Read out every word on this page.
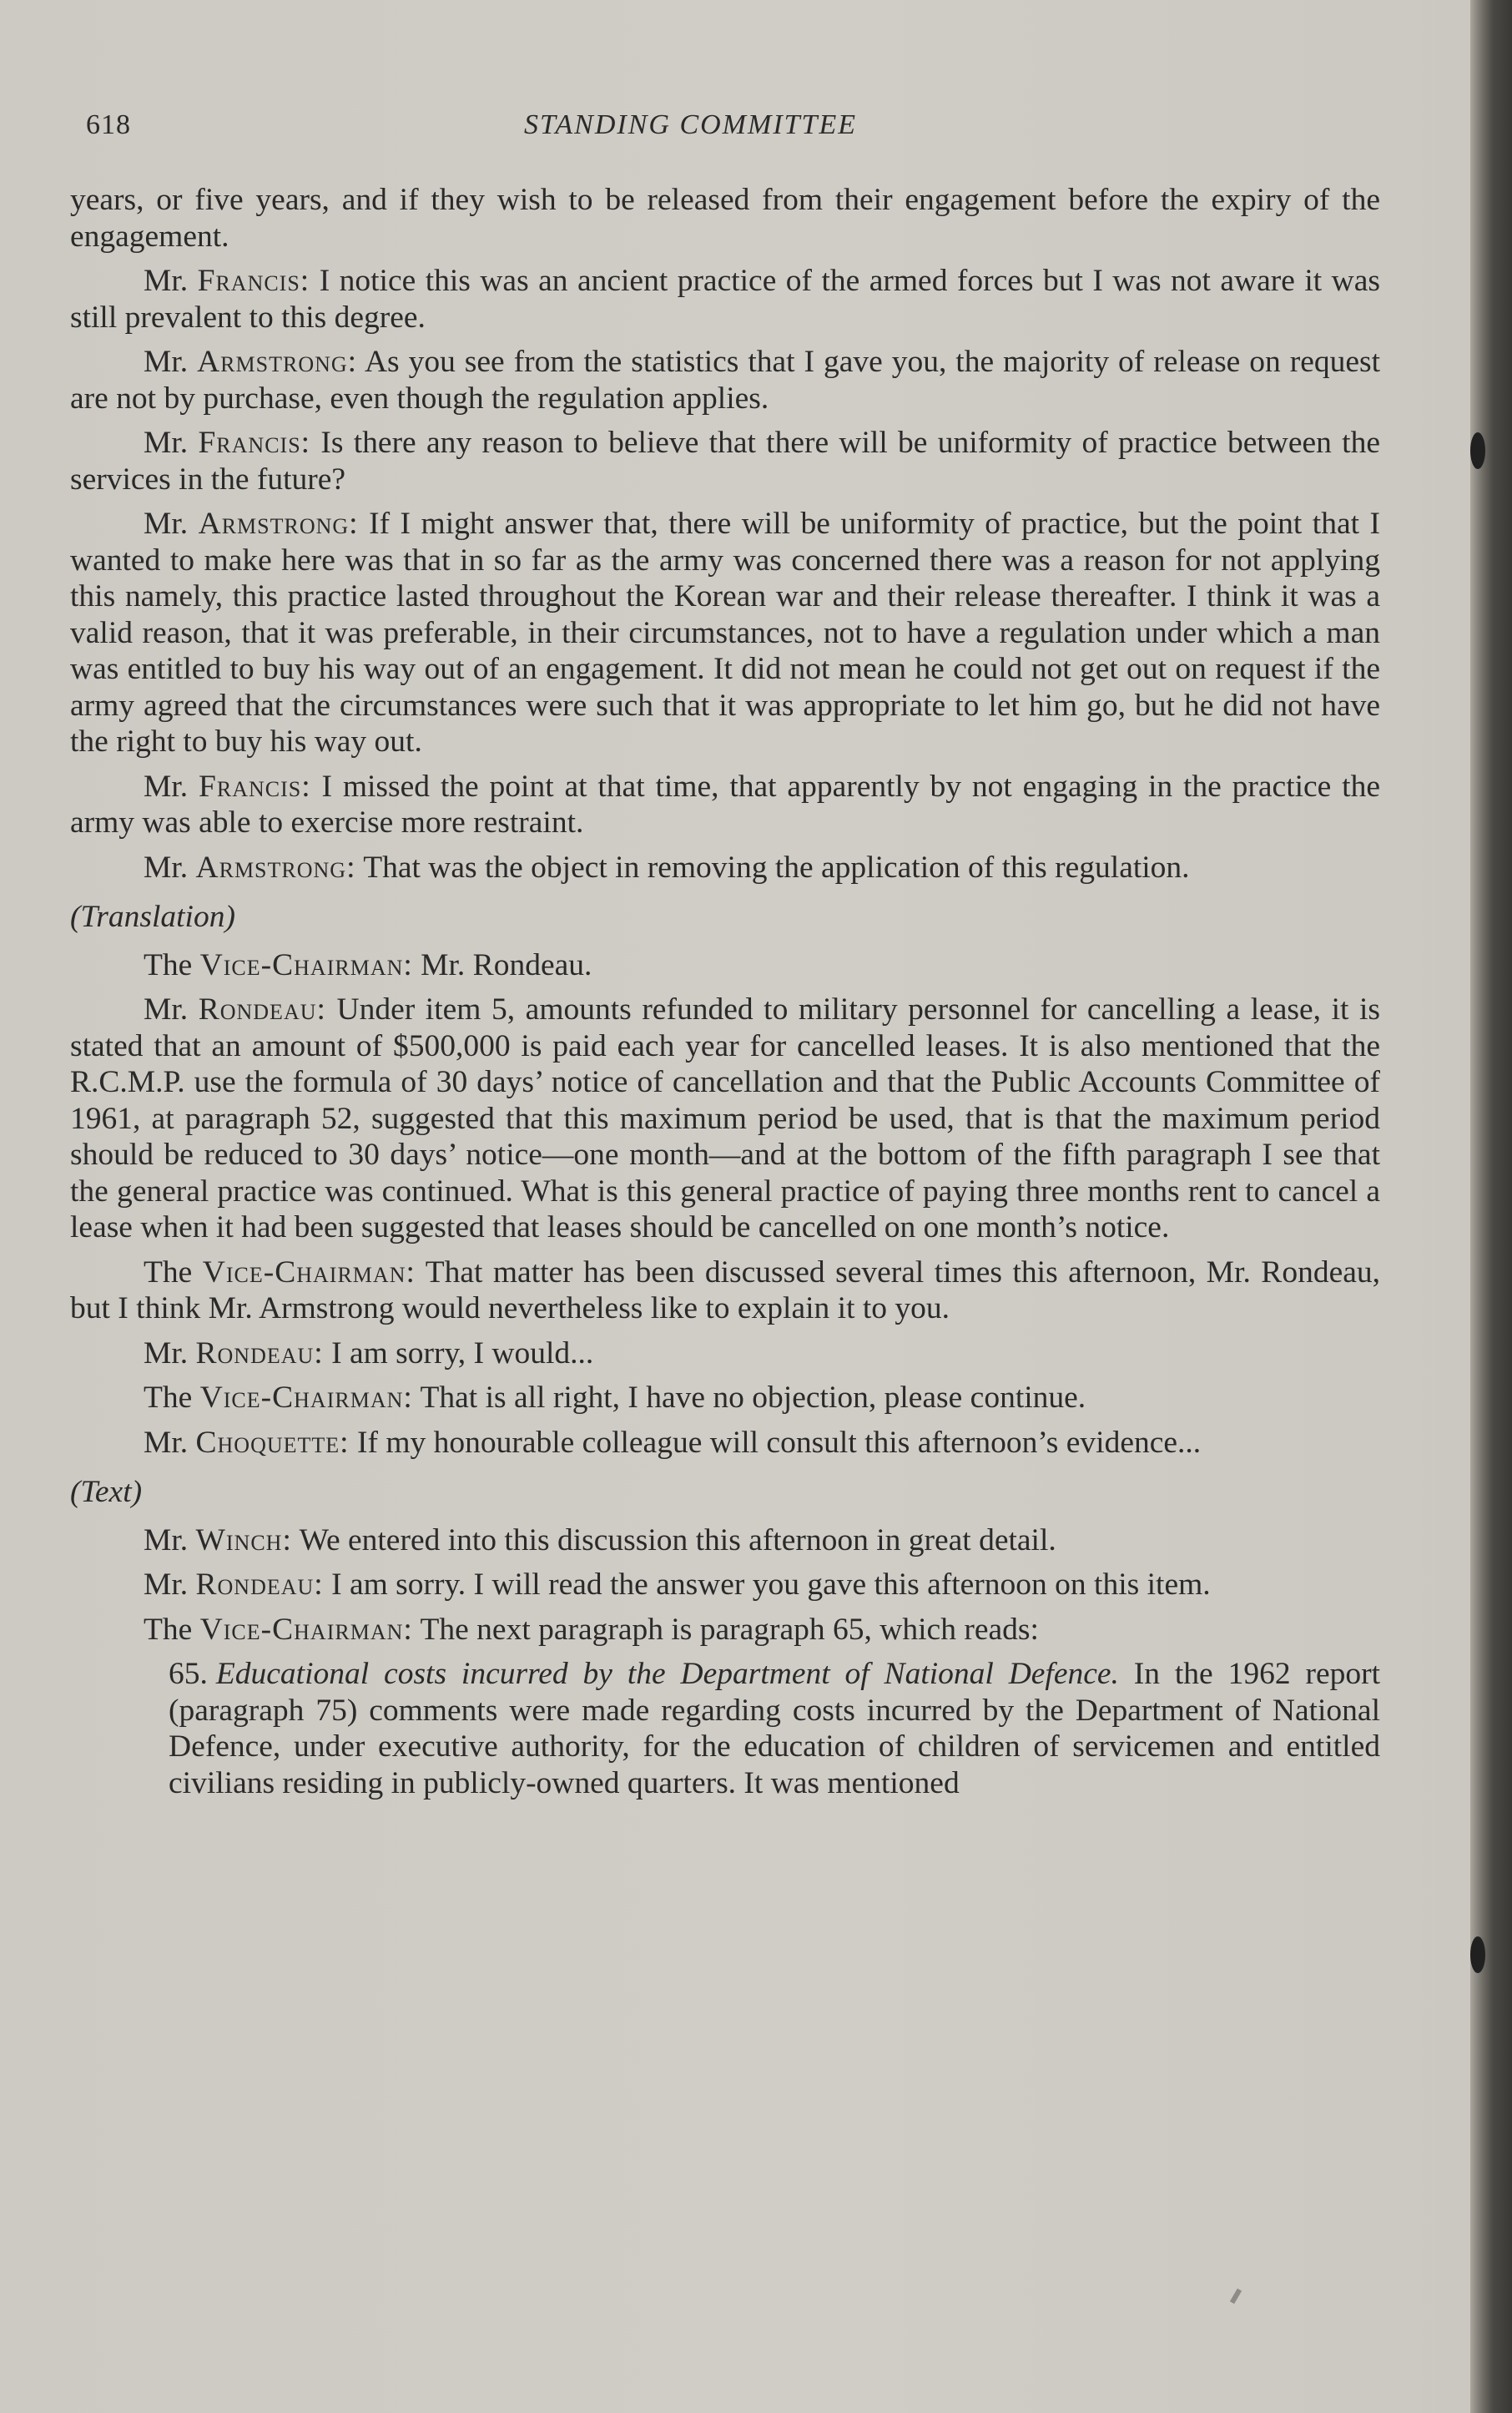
618	STANDING COMMITTEE

years, or five years, and if they wish to be released from their engagement before the expiry of the engagement.

Mr. Francis: I notice this was an ancient practice of the armed forces but I was not aware it was still prevalent to this degree.

Mr. Armstrong: As you see from the statistics that I gave you, the majority of release on request are not by purchase, even though the regulation applies.

Mr. Francis: Is there any reason to believe that there will be uniformity of practice between the services in the future?

Mr. Armstrong: If I might answer that, there will be uniformity of practice, but the point that I wanted to make here was that in so far as the army was concerned there was a reason for not applying this namely, this practice lasted throughout the Korean war and their release thereafter. I think it was a valid reason, that it was preferable, in their circumstances, not to have a regulation under which a man was entitled to buy his way out of an engagement. It did not mean he could not get out on request if the army agreed that the circumstances were such that it was appropriate to let him go, but he did not have the right to buy his way out.

Mr. Francis: I missed the point at that time, that apparently by not engaging in the practice the army was able to exercise more restraint.

Mr. Armstrong: That was the object in removing the application of this regulation.

(Translation)

The Vice-Chairman: Mr. Rondeau.

Mr. Rondeau: Under item 5, amounts refunded to military personnel for cancelling a lease, it is stated that an amount of $500,000 is paid each year for cancelled leases. It is also mentioned that the R.C.M.P. use the formula of 30 days’ notice of cancellation and that the Public Accounts Committee of 1961, at paragraph 52, suggested that this maximum period be used, that is that the maximum period should be reduced to 30 days’ notice—one month—and at the bottom of the fifth paragraph I see that the general practice was continued. What is this general practice of paying three months rent to cancel a lease when it had been suggested that leases should be cancelled on one month’s notice.

The Vice-Chairman: That matter has been discussed several times this afternoon, Mr. Rondeau, but I think Mr. Armstrong would nevertheless like to explain it to you.

Mr. Rondeau: I am sorry, I would...

The Vice-Chairman: That is all right, I have no objection, please continue.

Mr. Choquette: If my honourable colleague will consult this afternoon’s evidence...

(Text)

Mr. Winch: We entered into this discussion this afternoon in great detail.

Mr. Rondeau: I am sorry. I will read the answer you gave this afternoon on this item.

The Vice-Chairman: The next paragraph is paragraph 65, which reads:

65. Educational costs incurred by the Department of National Defence. In the 1962 report (paragraph 75) comments were made regarding costs incurred by the Department of National Defence, under executive authority, for the education of children of servicemen and entitled civilians residing in publicly-owned quarters. It was mentioned
